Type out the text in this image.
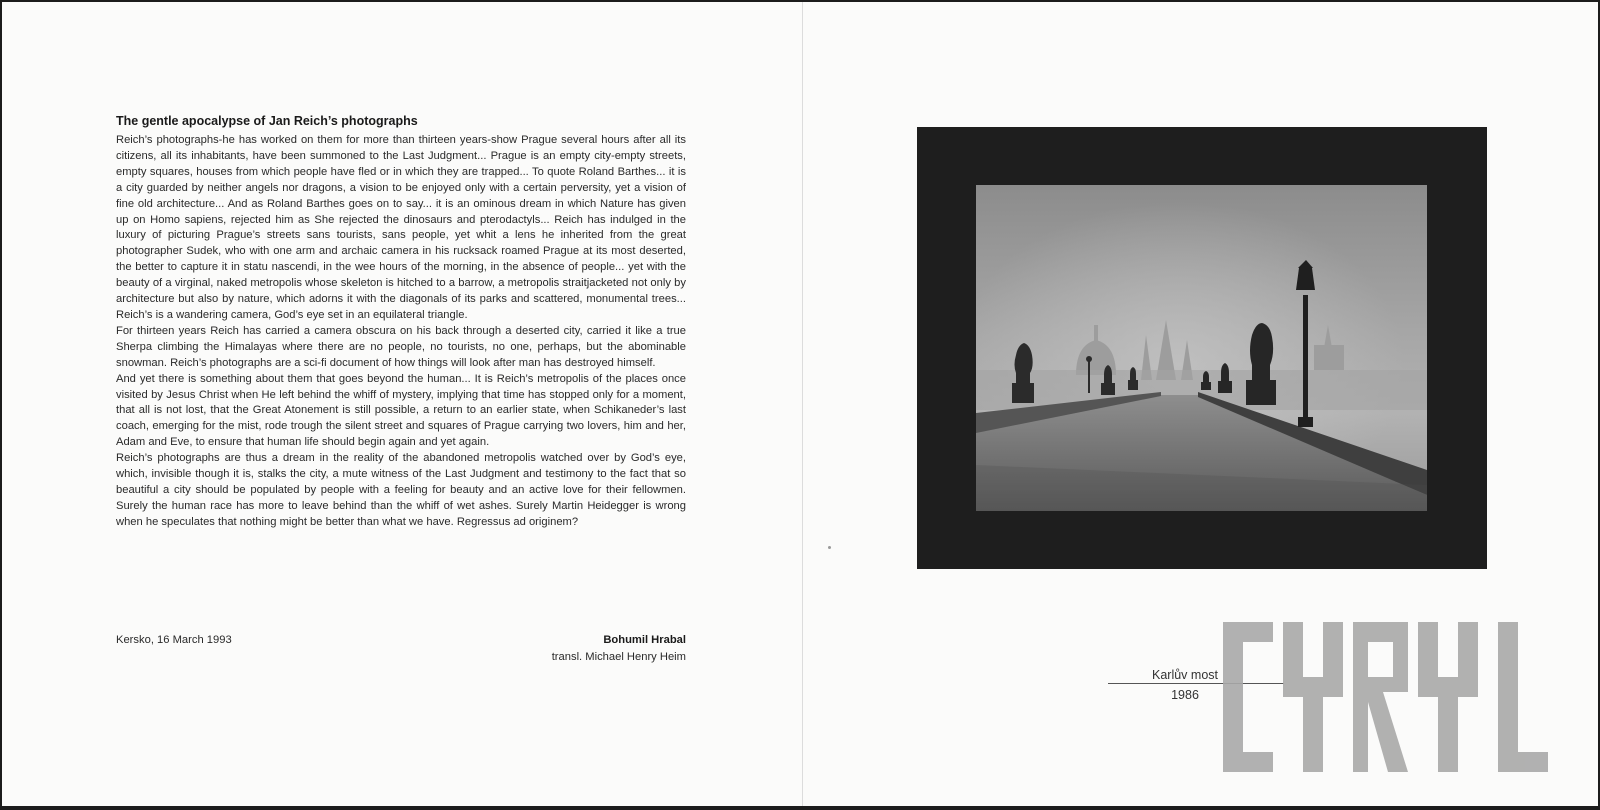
The gentle apocalypse of Jan Reich’s photographs

Reich’s photographs-he has worked on them for more than thirteen years-show Prague several hours after all its citizens, all its inhabitants, have been summoned to the Last Judgment... Prague is an empty city-empty streets, empty squares, houses from which people have fled or in which they are trapped... To quote Roland Barthes... it is a city guarded by neither angels nor dragons, a vision to be enjoyed only with a certain perversity, yet a vision of fine old architecture... And as Roland Barthes goes on to say... it is an ominous dream in which Nature has given up on Homo sapiens, rejected him as She rejected the dinosaurs and pterodactyls... Reich has indulged in the luxury of picturing Prague’s streets sans tourists, sans people, yet whit a lens he inherited from the great photographer Sudek, who with one arm and archaic camera in his rucksack roamed Prague at its most deserted, the better to capture it in statu nascendi, in the wee hours of the morning, in the absence of people... yet with the beauty of a virginal, naked metropolis whose skeleton is hitched to a barrow, a metropolis straitjacketed not only by architecture but also by nature, which adorns it with the diagonals of its parks and scattered, monumental trees... Reich’s is a wandering camera, God’s eye set in an equilateral triangle.

For thirteen years Reich has carried a camera obscura on his back through a deserted city, carried it like a true Sherpa climbing the Himalayas where there are no people, no tourists, no one, perhaps, but the abominable snowman. Reich’s photographs are a sci-fi document of how things will look after man has destroyed himself.

And yet there is something about them that goes beyond the human... It is Reich’s metropolis of the places once visited by Jesus Christ when He left behind the whiff of mystery, implying that time has stopped only for a moment, that all is not lost, that the Great Atonement is still possible, a return to an earlier state, when Schikaneder’s last coach, emerging for the mist, rode trough the silent street and squares of Prague carrying two lovers, him and her, Adam and Eve, to ensure that human life should begin again and yet again.

Reich’s photographs are thus a dream in the reality of the abandoned metropolis watched over by God’s eye, which, invisible though it is, stalks the city, a mute witness of the Last Judgment and testimony to the fact that so beautiful a city should be populated by people with a feeling for beauty and an active love for their fellowmen. Surely the human race has more to leave behind than the whiff of wet ashes. Surely Martin Heidegger is wrong when he speculates that nothing might be better than what we have. Regressus ad originem?

Kersko, 16 March 1993	Bohumil Hrabal
transl. Michael Henry Heim
Karlův most
1986
